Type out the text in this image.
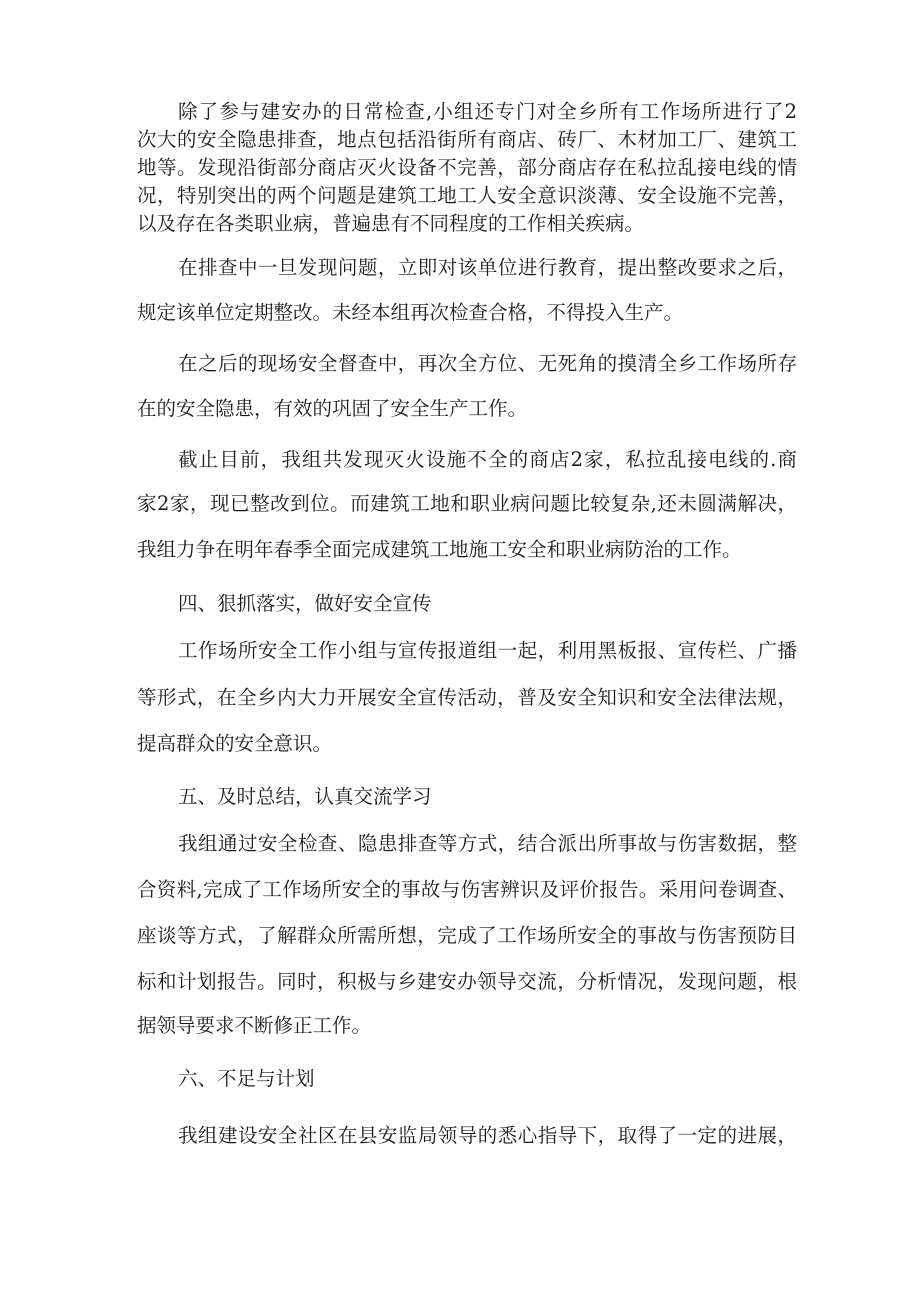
除了参与建安办的日常检查,小组还专门对全乡所有工作场所进行了2
次大的安全隐患排查，地点包括沿街所有商店、砖厂、木材加工厂、建筑工
地等。发现沿街部分商店灭火设备不完善，部分商店存在私拉乱接电线的情
况，特别突出的两个问题是建筑工地工人安全意识淡薄、安全设施不完善，
以及存在各类职业病，普遍患有不同程度的工作相关疾病。
在排查中一旦发现问题，立即对该单位进行教育，提出整改要求之后，
规定该单位定期整改。未经本组再次检查合格，不得投入生产。
在之后的现场安全督查中，再次全方位、无死角的摸清全乡工作场所存
在的安全隐患，有效的巩固了安全生产工作。
截止目前，我组共发现灭火设施不全的商店2家，私拉乱接电线的.商
家2家，现已整改到位。而建筑工地和职业病问题比较复杂,还未圆满解决，
我组力争在明年春季全面完成建筑工地施工安全和职业病防治的工作。
四、狠抓落实，做好安全宣传
工作场所安全工作小组与宣传报道组一起，利用黑板报、宣传栏、广播
等形式，在全乡内大力开展安全宣传活动，普及安全知识和安全法律法规，
提高群众的安全意识。
五、及时总结，认真交流学习
我组通过安全检查、隐患排查等方式，结合派出所事故与伤害数据，整
合资料,完成了工作场所安全的事故与伤害辨识及评价报告。采用问卷调查、
座谈等方式，了解群众所需所想，完成了工作场所安全的事故与伤害预防目
标和计划报告。同时，积极与乡建安办领导交流，分析情况，发现问题，根
据领导要求不断修正工作。
六、不足与计划
我组建设安全社区在县安监局领导的悉心指导下，取得了一定的进展，
